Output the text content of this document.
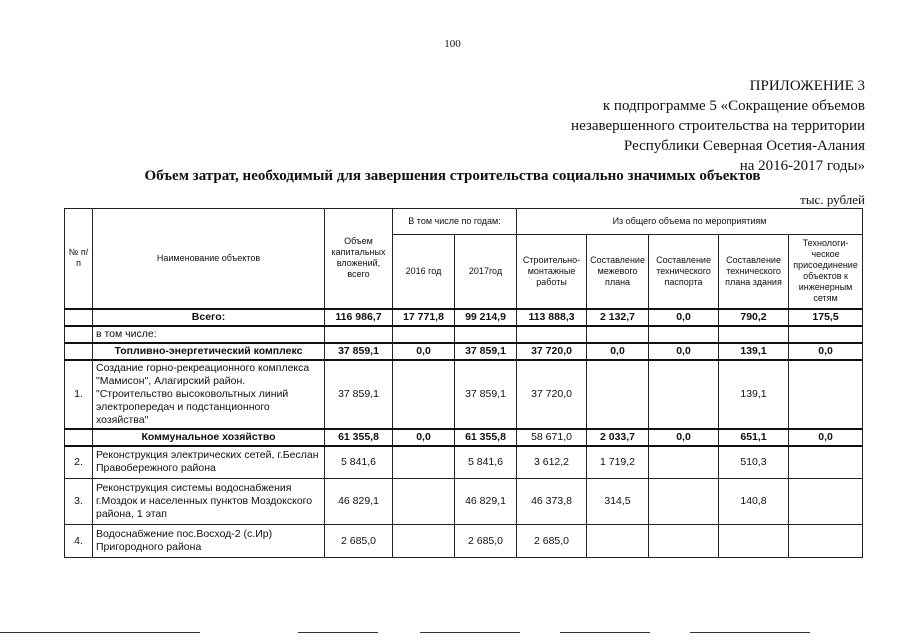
100
ПРИЛОЖЕНИЕ 3
к подпрограмме 5 «Сокращение объемов
незавершенного строительства на территории
Республики Северная Осетия-Алания
на 2016-2017 годы»
Объем затрат, необходимый для завершения строительства социально значимых объектов
тыс. рублей
№ п/п	Наименование объектов	Объем капитальных вложений, всего	В том числе по годам:		Из общего объема по мероприятиям				
			2016 год	2017год	Строительно-монтажные работы	Составление межевого плана	Составление технического паспорта	Составление технического плана здания	Технологи-ческое присоединение объектов к инженерным сетям
	Всего:	116 986,7	17 771,8	99 214,9	113 888,3	2 132,7	0,0	790,2	175,5
	в том числе:								
	Топливно-энергетический комплекс	37 859,1	0,0	37 859,1	37 720,0	0,0	0,0	139,1	0,0
1.	Создание горно-рекреационного комплекса "Мамисон", Алагирский район. "Строительство высоковольтных линий электропередач и подстанционного хозяйства"	37 859,1		37 859,1	37 720,0			139,1	
	Коммунальное хозяйство	61 355,8	0,0	61 355,8	58 671,0	2 033,7	0,0	651,1	0,0
2.	Реконструкция электрических сетей, г.Беслан Правобережного района	5 841,6		5 841,6	3 612,2	1 719,2		510,3	
3.	Реконструкция системы водоснабжения г.Моздок и населенных пунктов Моздокского района, 1 этап	46 829,1		46 829,1	46 373,8	314,5		140,8	
4.	Водоснабжение пос.Восход-2 (с.Ир) Пригородного района	2 685,0		2 685,0	2 685,0				
